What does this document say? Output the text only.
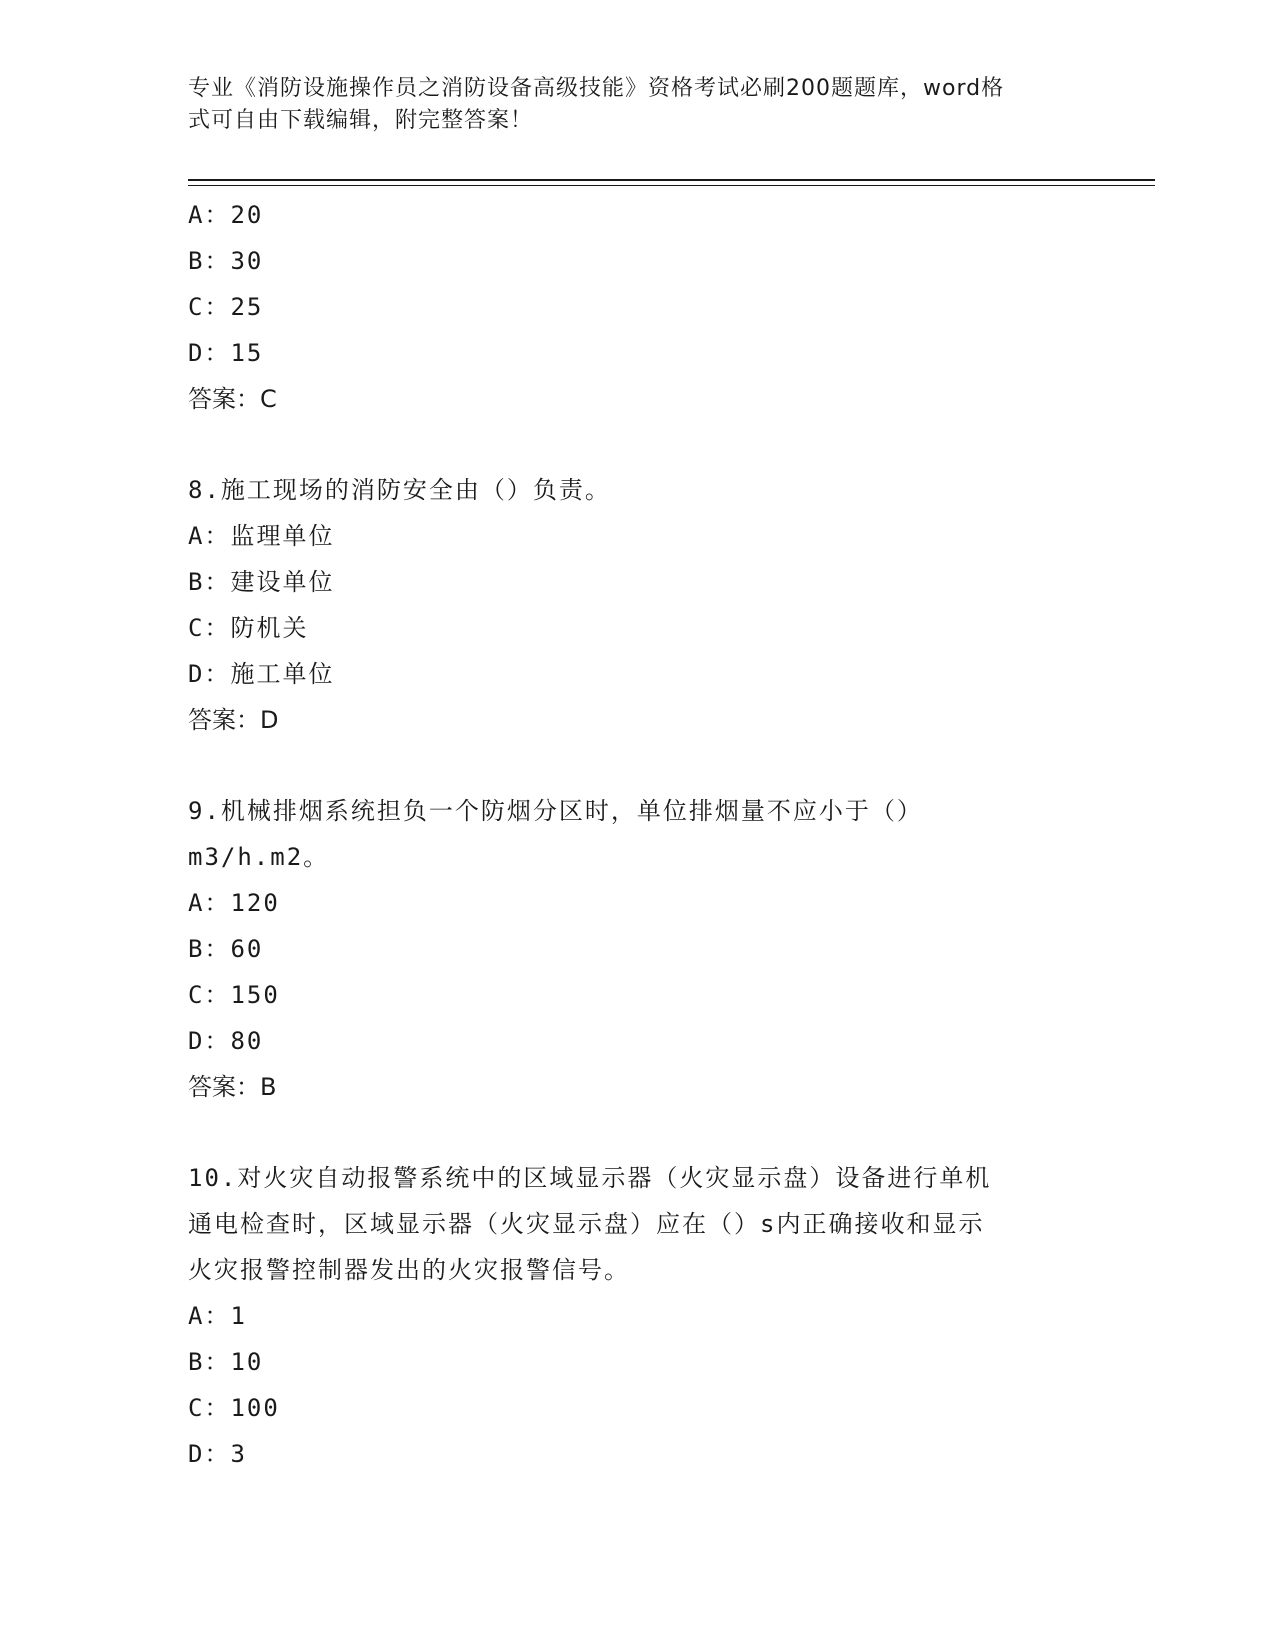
专业《消防设施操作员之消防设备高级技能》资格考试必刷200题题库，word格
式可自由下载编辑，附完整答案！
A：20
B：30
C：25
D：15
答案：C
8.施工现场的消防安全由（）负责。
A：监理单位
B：建设单位
C：防机关
D：施工单位
答案：D
9.机械排烟系统担负一个防烟分区时，单位排烟量不应小于（）
m3/h.m2。
A：120
B：60
C：150
D：80
答案：B
10.对火灾自动报警系统中的区域显示器（火灾显示盘）设备进行单机
通电检查时，区域显示器（火灾显示盘）应在（）s内正确接收和显示
火灾报警控制器发出的火灾报警信号。
A：1
B：10
C：100
D：3
